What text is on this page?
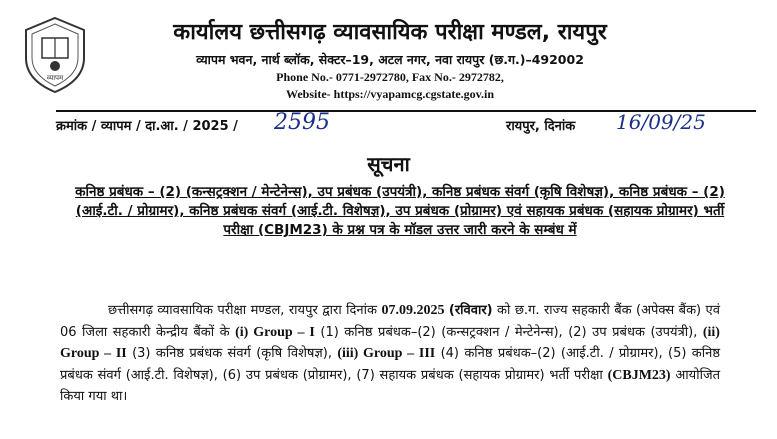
व्यापम
कार्यालय छत्तीसगढ़ व्यावसायिक परीक्षा मण्डल, रायपुर
व्यापम भवन, नार्थ ब्लॉक, सेक्टर–19, अटल नगर, नवा रायपुर (छ.ग.)–492002
Phone No.- 0771-2972780, Fax No.- 2972782,
Website- https://vyapamcg.cgstate.gov.in
क्रमांक / व्यापम / दा.आ. / 2025 / 2595	रायपुर, दिनांक 16/09/25
सूचना
कनिष्ठ प्रबंधक – (2) (कन्सट्रक्शन / मेन्टेनेन्स), उप प्रबंधक (उपयंत्री), कनिष्ठ प्रबंधक संवर्ग (कृषि विशेषज्ञ), कनिष्ठ प्रबंधक – (2) (आई.टी. / प्रोग्रामर), कनिष्ठ प्रबंधक संवर्ग (आई.टी. विशेषज्ञ), उप प्रबंधक (प्रोग्रामर) एवं सहायक प्रबंधक (सहायक प्रोग्रामर) भर्ती परीक्षा (CBJM23) के प्रश्न पत्र के मॉडल उत्तर जारी करने के सम्बंध में

छत्तीसगढ़ व्यावसायिक परीक्षा मण्डल, रायपुर द्वारा दिनांक 07.09.2025 (रविवार) को छ.ग. राज्य सहकारी बैंक (अपेक्स बैंक) एवं 06 जिला सहकारी केन्द्रीय बैंकों के (i) Group – I (1) कनिष्ठ प्रबंधक–(2) (कन्सट्रक्शन / मेन्टेनेन्स), (2) उप प्रबंधक (उपयंत्री), (ii) Group – II (3) कनिष्ठ प्रबंधक संवर्ग (कृषि विशेषज्ञ), (iii) Group – III (4) कनिष्ठ प्रबंधक–(2) (आई.टी. / प्रोग्रामर), (5) कनिष्ठ प्रबंधक संवर्ग (आई.टी. विशेषज्ञ), (6) उप प्रबंधक (प्रोग्रामर), (7) सहायक प्रबंधक (सहायक प्रोग्रामर) भर्ती परीक्षा (CBJM23) आयोजित किया गया था।
